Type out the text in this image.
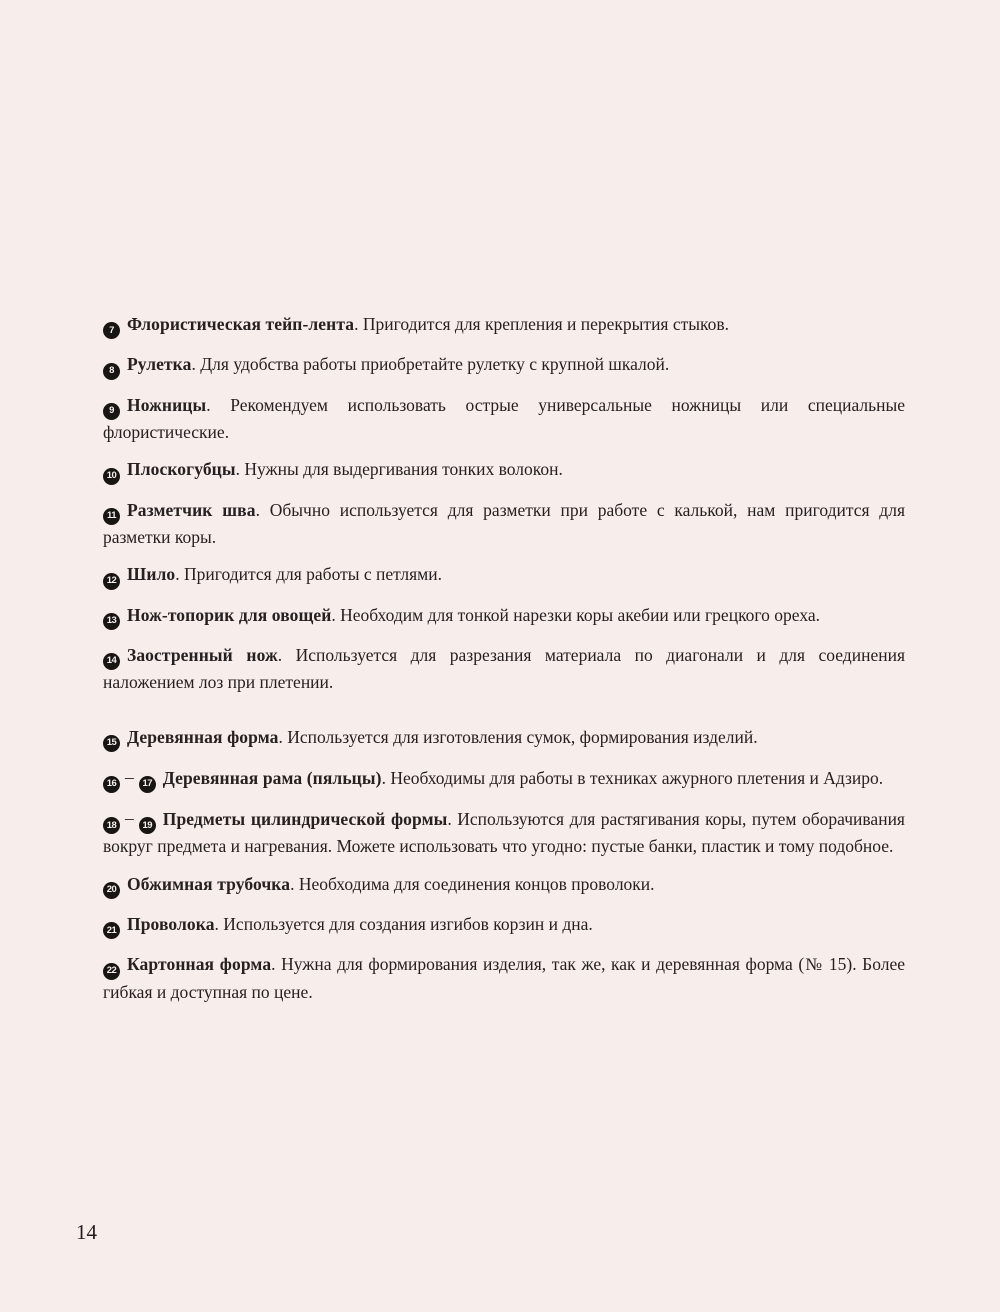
7 Флористическая тейп-лента. Пригодится для крепления и перекрытия стыков.

8 Рулетка. Для удобства работы приобретайте рулетку с крупной шкалой.

9 Ножницы. Рекомендуем использовать острые универсальные ножницы или специальные флористические.

10 Плоскогубцы. Нужны для выдергивания тонких волокон.

11 Разметчик шва. Обычно используется для разметки при работе с калькой, нам пригодится для разметки коры.

12 Шило. Пригодится для работы с петлями.

13 Нож-топорик для овощей. Необходим для тонкой нарезки коры акебии или грецкого ореха.

14 Заостренный нож. Используется для разрезания материала по диагонали и для соединения наложением лоз при плетении.

15 Деревянная форма. Используется для изготовления сумок, формирования изделий.

16 – 17 Деревянная рама (пяльцы). Необходимы для работы в техниках ажурного плетения и Адзиро.

18 – 19 Предметы цилиндрической формы. Используются для растягивания коры, путем оборачивания вокруг предмета и нагревания. Можете использовать что угодно: пустые банки, пластик и тому подобное.

20 Обжимная трубочка. Необходима для соединения концов проволоки.

21 Проволока. Используется для создания изгибов корзин и дна.

22 Картонная форма. Нужна для формирования изделия, так же, как и деревянная форма (№ 15). Более гибкая и доступная по цене.

14
